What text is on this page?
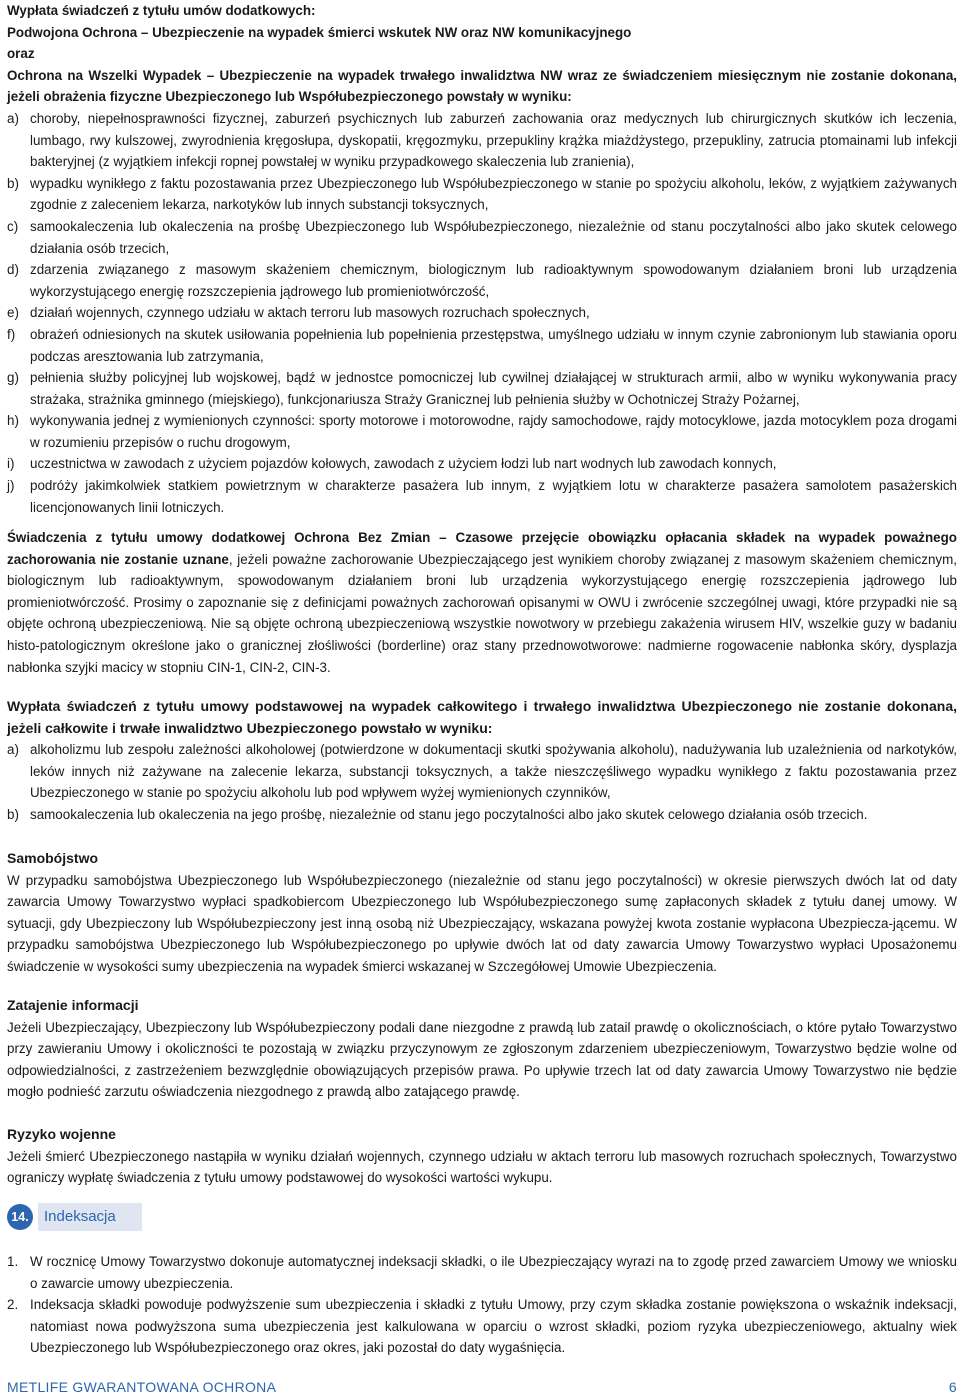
Wypłata świadczeń z tytułu umów dodatkowych:
Podwojona Ochrona – Ubezpieczenie na wypadek śmierci wskutek NW oraz NW komunikacyjnego
oraz
Ochrona na Wszelki Wypadek – Ubezpieczenie na wypadek trwałego inwalidztwa NW wraz ze świadczeniem miesięcznym nie zostanie dokonana, jeżeli obrażenia fizyczne Ubezpieczonego lub Współubezpieczonego powstały w wyniku:
a) choroby, niepełnosprawności fizycznej, zaburzeń psychicznych lub zaburzeń zachowania oraz medycznych lub chirurgicznych skutków ich leczenia, lumbago, rwy kulszowej, zwyrodnienia kręgosłupa, dyskopatii, kręgozmyku, przepukliny krążka miażdżystego, przepukliny, zatrucia ptomainami lub infekcji bakteryjnej (z wyjątkiem infekcji ropnej powstałej w wyniku przypadkowego skaleczenia lub zranienia),
b) wypadku wynikłego z faktu pozostawania przez Ubezpieczonego lub Współubezpieczonego w stanie po spożyciu alkoholu, leków, z wyjątkiem zażywanych zgodnie z zaleceniem lekarza, narkotyków lub innych substancji toksycznych,
c) samookaleczenia lub okaleczenia na prośbę Ubezpieczonego lub Współubezpieczonego, niezależnie od stanu poczytalności albo jako skutek celowego działania osób trzecich,
d) zdarzenia związanego z masowym skażeniem chemicznym, biologicznym lub radioaktywnym spowodowanym działaniem broni lub urządzenia wykorzystującego energię rozszczepienia jądrowego lub promieniotwórczość,
e) działań wojennych, czynnego udziału w aktach terroru lub masowych rozruchach społecznych,
f) obrażeń odniesionych na skutek usiłowania popełnienia lub popełnienia przestępstwa, umyślnego udziału w innym czynie zabronionym lub stawiania oporu podczas aresztowania lub zatrzymania,
g) pełnienia służby policyjnej lub wojskowej, bądź w jednostce pomocniczej lub cywilnej działającej w strukturach armii, albo w wyniku wykonywania pracy strażaka, strażnika gminnego (miejskiego), funkcjonariusza Straży Granicznej lub pełnienia służby w Ochotniczej Straży Pożarnej,
h) wykonywania jednej z wymienionych czynności: sporty motorowe i motorowodne, rajdy samochodowe, rajdy motocyklowe, jazda motocyklem poza drogami w rozumieniu przepisów o ruchu drogowym,
i) uczestnictwa w zawodach z użyciem pojazdów kołowych, zawodach z użyciem łodzi lub nart wodnych lub zawodach konnych,
j) podróży jakimkolwiek statkiem powietrznym w charakterze pasażera lub innym, z wyjątkiem lotu w charakterze pasażera samolotem pasażerskich licencjonowanych linii lotniczych.
Świadczenia z tytułu umowy dodatkowej Ochrona Bez Zmian – Czasowe przejęcie obowiązku opłacania składek na wypadek poważnego zachorowania nie zostanie uznane, jeżeli poważne zachorowanie Ubezpieczającego jest wynikiem choroby związanej z masowym skażeniem chemicznym, biologicznym lub radioaktywnym, spowodowanym działaniem broni lub urządzenia wykorzystującego energię rozszczepienia jądrowego lub promieniotwórczość. Prosimy o zapoznanie się z definicjami poważnych zachorowań opisanymi w OWU i zwrócenie szczególnej uwagi, które przypadki nie są objęte ochroną ubezpieczeniową. Nie są objęte ochroną ubezpieczeniową wszystkie nowotwory w przebiegu zakażenia wirusem HIV, wszelkie guzy w badaniu histo-patologicznym określone jako o granicznej złośliwości (borderline) oraz stany przednowotworowe: nadmierne rogowacenie nabłonka skóry, dysplazja nabłonka szyjki macicy w stopniu CIN-1, CIN-2, CIN-3.
Wypłata świadczeń z tytułu umowy podstawowej na wypadek całkowitego i trwałego inwalidztwa Ubezpieczonego nie zostanie dokonana, jeżeli całkowite i trwałe inwalidztwo Ubezpieczonego powstało w wyniku:
a) alkoholizmu lub zespołu zależności alkoholowej (potwierdzone w dokumentacji skutki spożywania alkoholu), nadużywania lub uzależnienia od narkotyków, leków innych niż zażywane na zalecenie lekarza, substancji toksycznych, a także nieszczęśliwego wypadku wynikłego z faktu pozostawania przez Ubezpieczonego w stanie po spożyciu alkoholu lub pod wpływem wyżej wymienionych czynników,
b) samookaleczenia lub okaleczenia na jego prośbę, niezależnie od stanu jego poczytalności albo jako skutek celowego działania osób trzecich.
Samobójstwo
W przypadku samobójstwa Ubezpieczonego lub Współubezpieczonego (niezależnie od stanu jego poczytalności) w okresie pierwszych dwóch lat od daty zawarcia Umowy Towarzystwo wypłaci spadkobiercom Ubezpieczonego lub Współubezpieczonego sumę zapłaconych składek z tytułu danej umowy. W sytuacji, gdy Ubezpieczony lub Współubezpieczony jest inną osobą niż Ubezpieczający, wskazana powyżej kwota zostanie wypłacona Ubezpiecza-jącemu. W przypadku samobójstwa Ubezpieczonego lub Współubezpieczonego po upływie dwóch lat od daty zawarcia Umowy Towarzystwo wypłaci Uposażonemu świadczenie w wysokości sumy ubezpieczenia na wypadek śmierci wskazanej w Szczegółowej Umowie Ubezpieczenia.
Zatajenie informacji
Jeżeli Ubezpieczający, Ubezpieczony lub Współubezpieczony podali dane niezgodne z prawdą lub zatail prawdę o okolicznościach, o które pytało Towarzystwo przy zawieraniu Umowy i okoliczności te pozostają w związku przyczynowym ze zgłoszonym zdarzeniem ubezpieczeniowym, Towarzystwo będzie wolne od odpowiedzialności, z zastrzeżeniem bezwzględnie obowiązujących przepisów prawa. Po upływie trzech lat od daty zawarcia Umowy Towarzystwo nie będzie mogło podnieść zarzutu oświadczenia niezgodnego z prawdą albo zatającego prawdę.
Ryzyko wojenne
Jeżeli śmierć Ubezpieczonego nastąpiła w wyniku działań wojennych, czynnego udziału w aktach terroru lub masowych rozruchach społecznych, Towarzystwo ograniczy wypłatę świadczenia z tytułu umowy podstawowej do wysokości wartości wykupu.
14. Indeksacja
1. W rocznicę Umowy Towarzystwo dokonuje automatycznej indeksacji składki, o ile Ubezpieczający wyrazi na to zgodę przed zawarciem Umowy we wniosku o zawarcie umowy ubezpieczenia.
2. Indeksacja składki powoduje podwyższenie sum ubezpieczenia i składki z tytułu Umowy, przy czym składka zostanie powiększona o wskaźnik indeksacji, natomiast nowa podwyższona suma ubezpieczenia jest kalkulowana w oparciu o wzrost składki, poziom ryzyka ubezpieczeniowego, aktualny wiek Ubezpieczonego lub Współubezpieczonego oraz okres, jaki pozostał do daty wygaśnięcia.
METLIFE GWARANTOWANA OCHRONA	6
